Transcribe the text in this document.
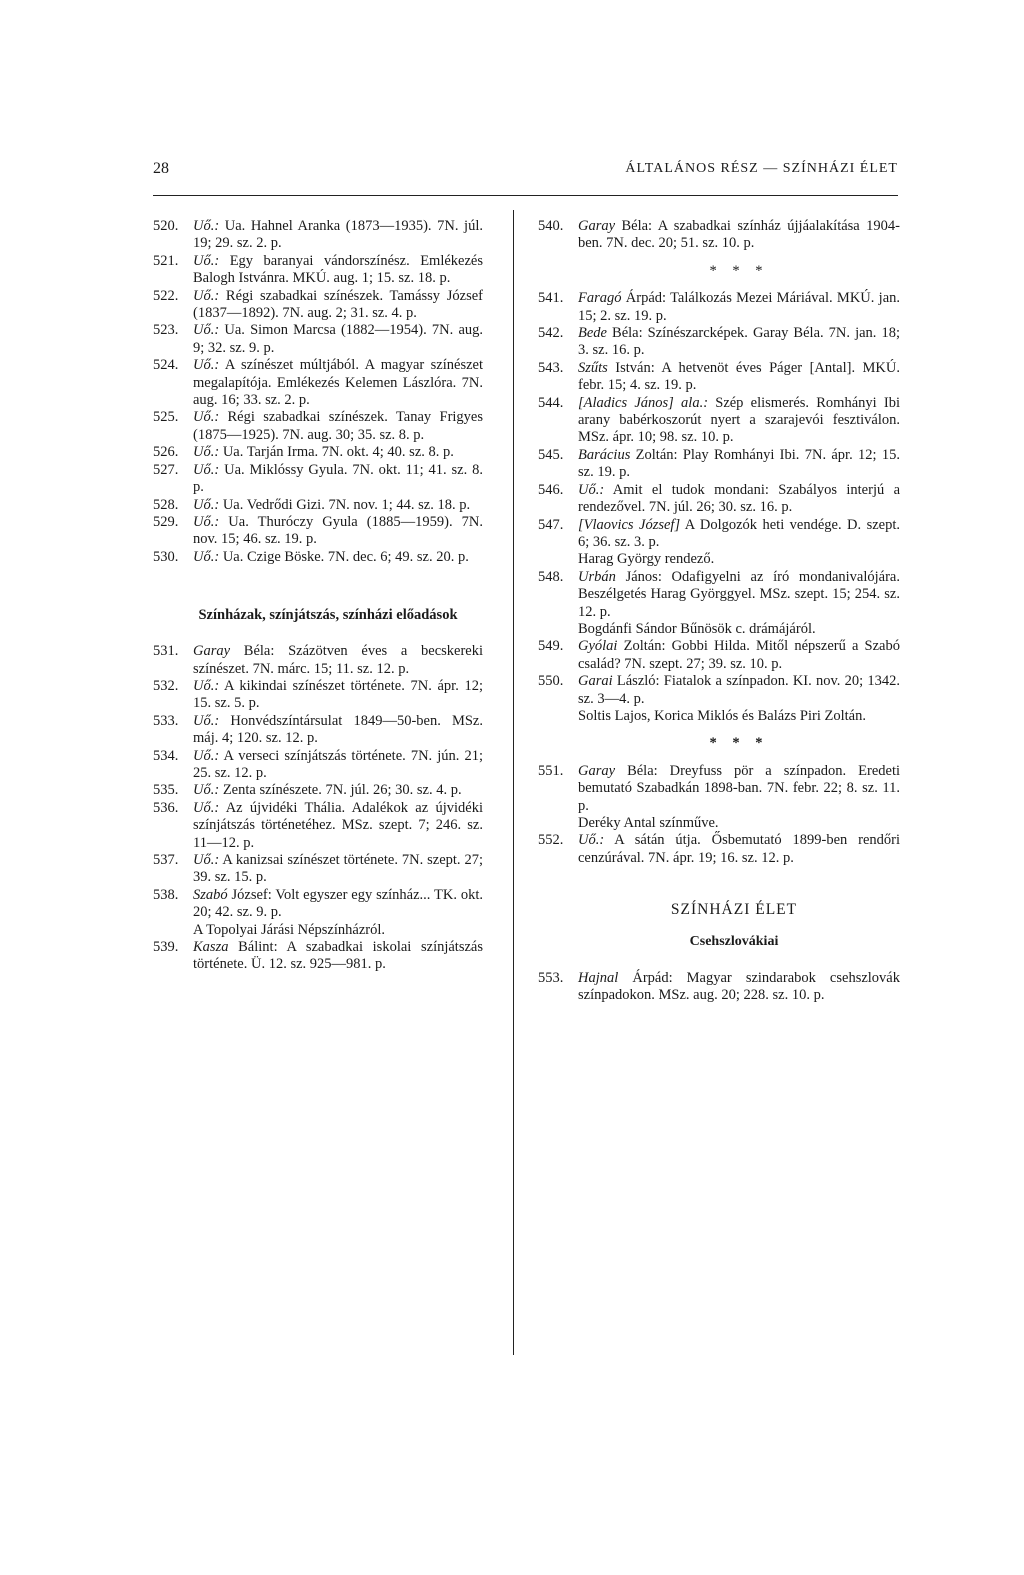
28	ÁLTALÁNOS RÉSZ — SZÍNHÁZI ÉLET
520.	Uő.: Ua. Hahnel Aranka (1873—1935). 7N. júl. 19; 29. sz. 2. p.
521.	Uő.: Egy baranyai vándorszínész. Emlékezés Balogh Istvánra. MKÚ. aug. 1; 15. sz. 18. p.
522.	Uő.: Régi szabadkai színészek. Tamássy József (1837—1892). 7N. aug. 2; 31. sz. 4. p.
523.	Uő.: Ua. Simon Marcsa (1882—1954). 7N. aug. 9; 32. sz. 9. p.
524.	Uő.: A színészet múltjából. A magyar színészet megalapítója. Emlékezés Kelemen Lászlóra. 7N. aug. 16; 33. sz. 2. p.
525.	Uő.: Régi szabadkai színészek. Tanay Frigyes (1875—1925). 7N. aug. 30; 35. sz. 8. p.
526.	Uő.: Ua. Tarján Irma. 7N. okt. 4; 40. sz. 8. p.
527.	Uő.: Ua. Miklóssy Gyula. 7N. okt. 11; 41. sz. 8. p.
528.	Uő.: Ua. Vedrődi Gizi. 7N. nov. 1; 44. sz. 18. p.
529.	Uő.: Ua. Thuróczy Gyula (1885—1959). 7N. nov. 15; 46. sz. 19. p.
530.	Uő.: Ua. Czige Böske. 7N. dec. 6; 49. sz. 20. p.
Színházak, színjátszás, színházi előadások
531.	Garay Béla: Százötven éves a becskereki színészet. 7N. márc. 15; 11. sz. 12. p.
532.	Uő.: A kikindai színészet története. 7N. ápr. 12; 15. sz. 5. p.
533.	Uő.: Honvédszíntársulat 1849—50-ben. MSz. máj. 4; 120. sz. 12. p.
534.	Uő.: A verseci színjátszás története. 7N. jún. 21; 25. sz. 12. p.
535.	Uő.: Zenta színészete. 7N. júl. 26; 30. sz. 4. p.
536.	Uő.: Az újvidéki Thália. Adalékok az újvidéki színjátszás történetéhez. MSz. szept. 7; 246. sz. 11—12. p.
537.	Uő.: A kanizsai színészet története. 7N. szept. 27; 39. sz. 15. p.
538.	Szabó József: Volt egyszer egy színház... TK. okt. 20; 42. sz. 9. p.
A Topolyai Járási Népszínházról.
539.	Kasza Bálint: A szabadkai iskolai színjátszás története. Ü. 12. sz. 925—981. p.
540.	Garay Béla: A szabadkai színház újjáalakítása 1904-ben. 7N. dec. 20; 51. sz. 10. p.
* * *
541.	Faragó Árpád: Találkozás Mezei Máriával. MKÚ. jan. 15; 2. sz. 19. p.
542.	Bede Béla: Színészarcképek. Garay Béla. 7N. jan. 18; 3. sz. 16. p.
543.	Szűts István: A hetvenöt éves Páger [Antal]. MKÚ. febr. 15; 4. sz. 19. p.
544.	[Aladics János] ala.: Szép elismerés. Romhányi Ibi arany babérkoszorút nyert a szarajevói fesztiválon. MSz. ápr. 10; 98. sz. 10. p.
545.	Barácius Zoltán: Play Romhányi Ibi. 7N. ápr. 12; 15. sz. 19. p.
546.	Uő.: Amit el tudok mondani: Szabályos interjú a rendezővel. 7N. júl. 26; 30. sz. 16. p.
547.	[Vlaovics József] A Dolgozók heti vendége. D. szept. 6; 36. sz. 3. p.
Harag György rendező.
548.	Urbán János: Odafigyelni az író mondanivalójára. Beszélgetés Harag Györggyel. MSz. szept. 15; 254. sz. 12. p.
Bogdánfi Sándor Bűnösök c. drámájáról.
549.	Gyólai Zoltán: Gobbi Hilda. Mitől népszerű a Szabó család? 7N. szept. 27; 39. sz. 10. p.
550.	Garai László: Fiatalok a színpadon. KI. nov. 20; 1342. sz. 3—4. p.
Soltis Lajos, Korica Miklós és Balázs Piri Zoltán.
* * *
551.	Garay Béla: Dreyfuss pör a színpadon. Eredeti bemutató Szabadkán 1898-ban. 7N. febr. 22; 8. sz. 11. p.
Deréky Antal színműve.
552.	Uő.: A sátán útja. Ősbemutató 1899-ben rendőri cenzúrával. 7N. ápr. 19; 16. sz. 12. p.
SZÍNHÁZI ÉLET
Csehszlovákiai
553.	Hajnal Árpád: Magyar szindarabok csehszlovák színpadokon. MSz. aug. 20; 228. sz. 10. p.
